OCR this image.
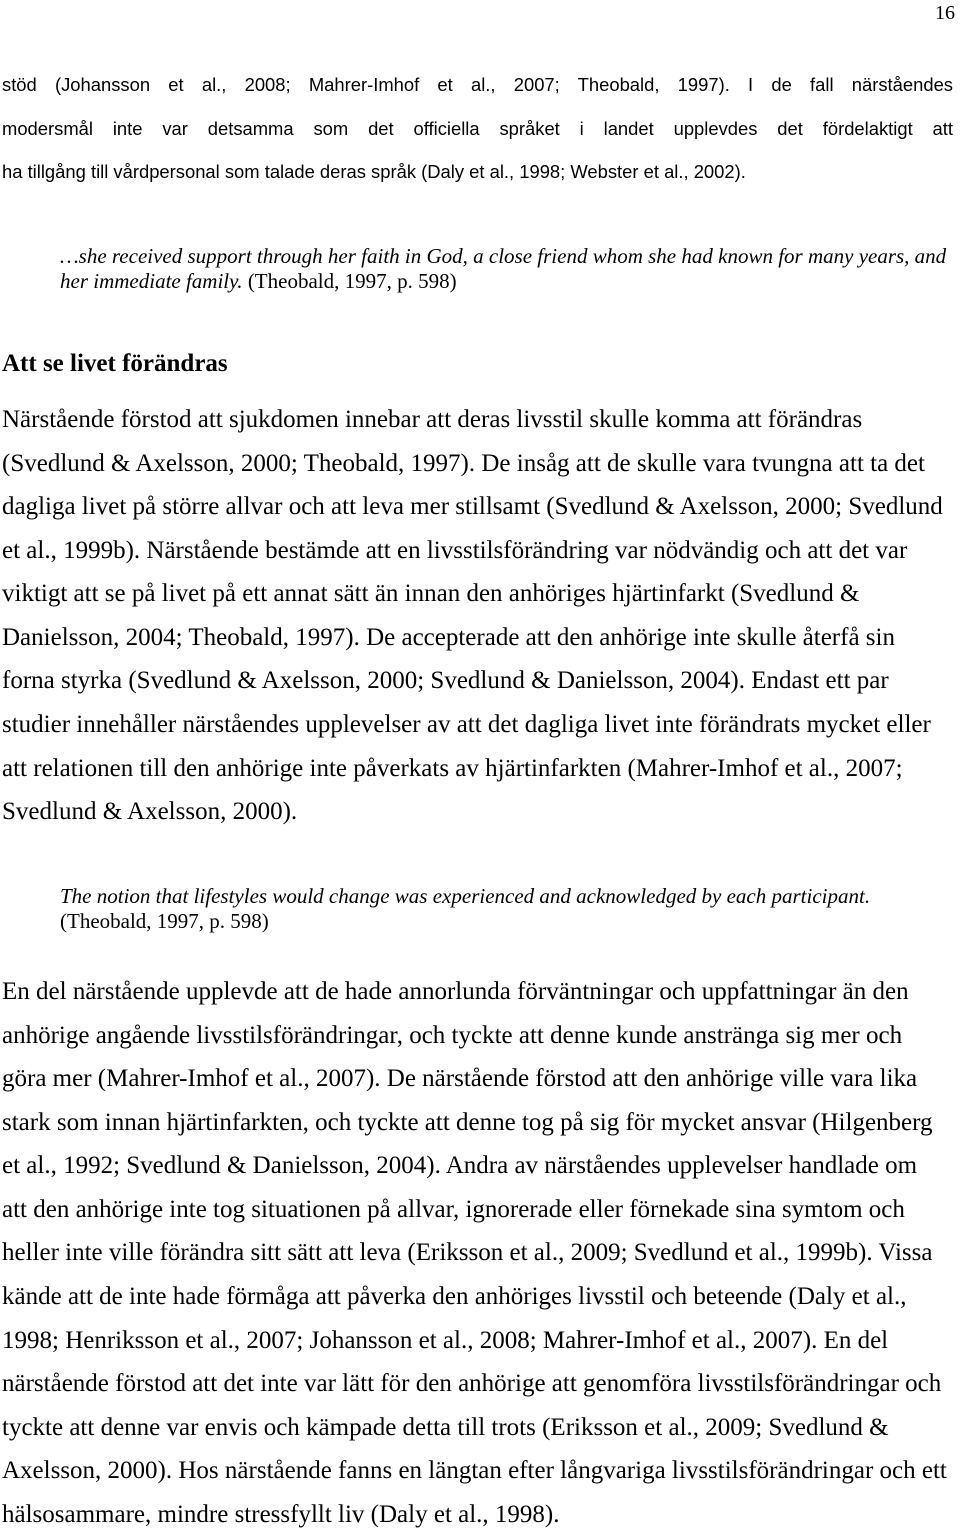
16
stöd (Johansson et al., 2008; Mahrer-Imhof et al., 2007; Theobald, 1997). I de fall närståendes
modersmål inte var detsamma som det officiella språket i landet upplevdes det fördelaktigt att
ha tillgång till vårdpersonal som talade deras språk (Daly et al., 1998; Webster et al., 2002).
…she received support through her faith in God, a close friend whom she had known for many years, and
her immediate family. (Theobald, 1997, p. 598)
Att se livet förändras
Närstående förstod att sjukdomen innebar att deras livsstil skulle komma att förändras
(Svedlund & Axelsson, 2000; Theobald, 1997). De insåg att de skulle vara tvungna att ta det
dagliga livet på större allvar och att leva mer stillsamt (Svedlund & Axelsson, 2000; Svedlund
et al., 1999b). Närstående bestämde att en livsstilsförändring var nödvändig och att det var
viktigt att se på livet på ett annat sätt än innan den anhöriges hjärtinfarkt (Svedlund &
Danielsson, 2004; Theobald, 1997). De accepterade att den anhörige inte skulle återfå sin
forna styrka (Svedlund & Axelsson, 2000; Svedlund & Danielsson, 2004). Endast ett par
studier innehåller närståendes upplevelser av att det dagliga livet inte förändrats mycket eller
att relationen till den anhörige inte påverkats av hjärtinfarkten (Mahrer-Imhof et al., 2007;
Svedlund & Axelsson, 2000).
The notion that lifestyles would change was experienced and acknowledged by each participant.
(Theobald, 1997, p. 598)
En del närstående upplevde att de hade annorlunda förväntningar och uppfattningar än den
anhörige angående livsstilsförändringar, och tyckte att denne kunde anstränga sig mer och
göra mer (Mahrer-Imhof et al., 2007). De närstående förstod att den anhörige ville vara lika
stark som innan hjärtinfarkten, och tyckte att denne tog på sig för mycket ansvar (Hilgenberg
et al., 1992; Svedlund & Danielsson, 2004). Andra av närståendes upplevelser handlade om
att den anhörige inte tog situationen på allvar, ignorerade eller förnekade sina symtom och
heller inte ville förändra sitt sätt att leva (Eriksson et al., 2009; Svedlund et al., 1999b). Vissa
kände att de inte hade förmåga att påverka den anhöriges livsstil och beteende (Daly et al.,
1998; Henriksson et al., 2007; Johansson et al., 2008; Mahrer-Imhof et al., 2007). En del
närstående förstod att det inte var lätt för den anhörige att genomföra livsstilsförändringar och
tyckte att denne var envis och kämpade detta till trots (Eriksson et al., 2009; Svedlund &
Axelsson, 2000). Hos närstående fanns en längtan efter långvariga livsstilsförändringar och ett
hälsosammare, mindre stressfyllt liv (Daly et al., 1998).
